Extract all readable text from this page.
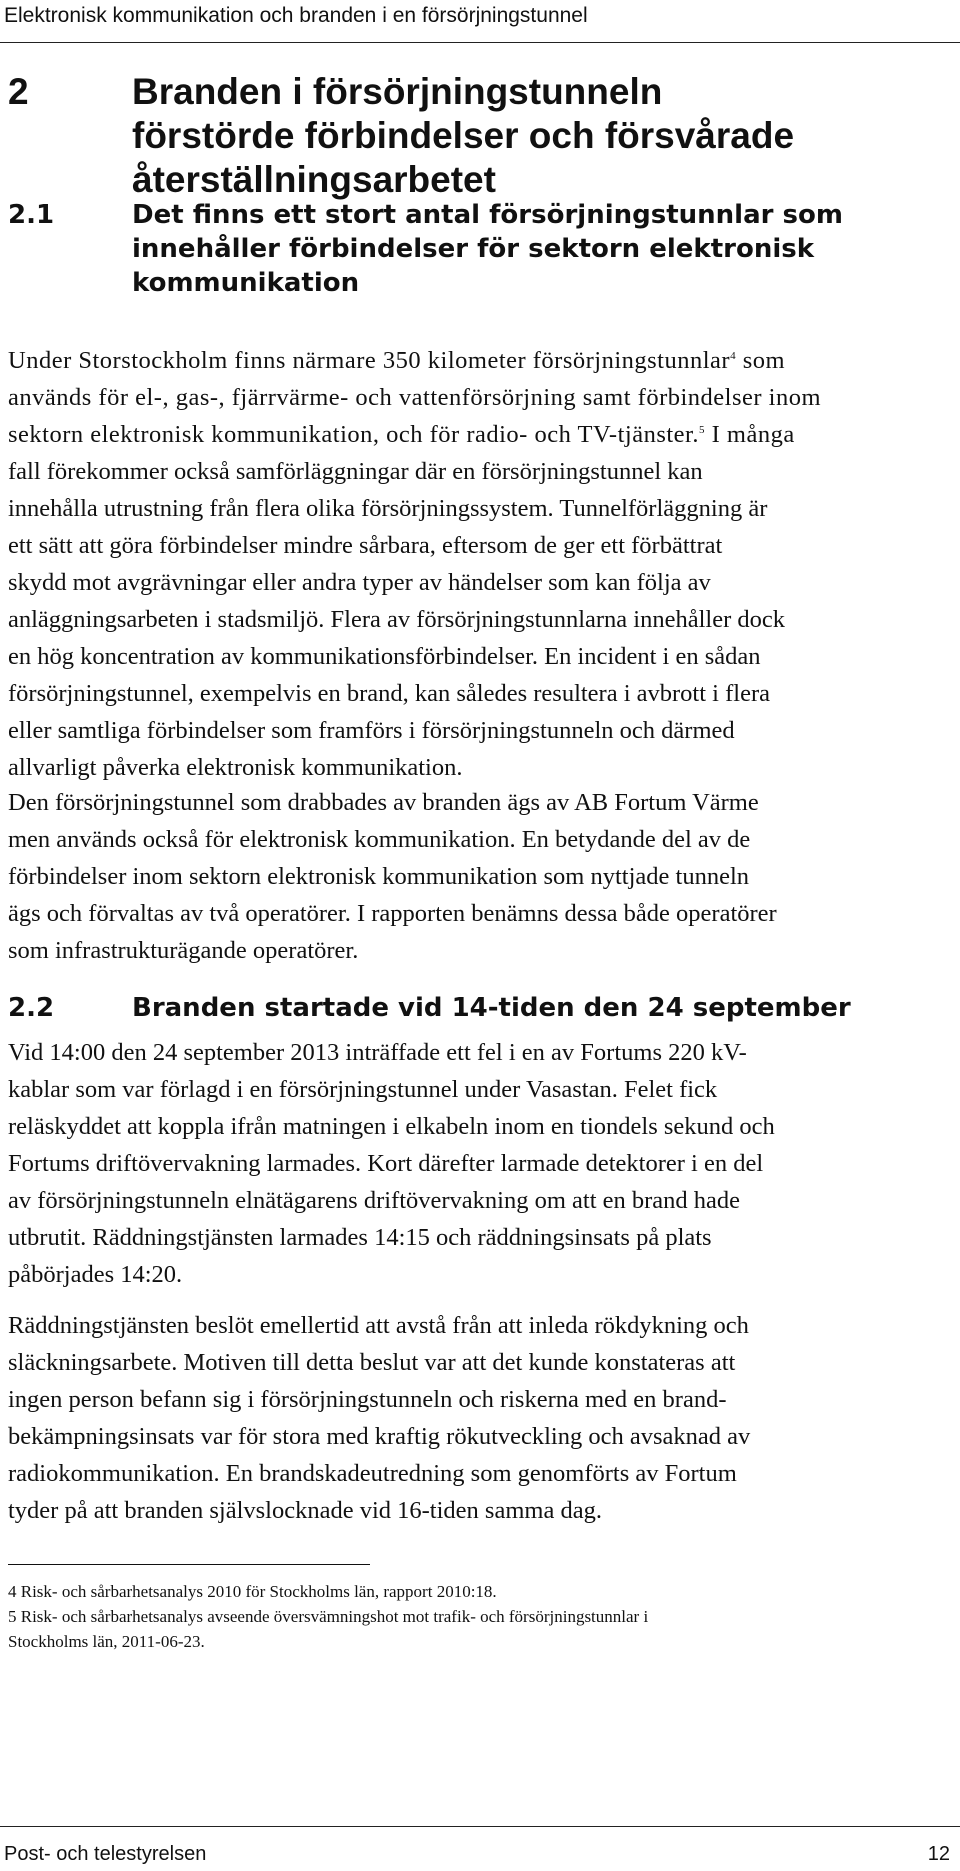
Elektronisk kommunikation och branden i en försörjningstunnel
2	Branden i försörjningstunneln
förstörde förbindelser och försvårade
återställningsarbetet
2.1	Det finns ett stort antal försörjningstunnlar som
innehåller förbindelser för sektorn elektronisk
kommunikation
Under Storstockholm finns närmare 350 kilometer försörjningstunnlar$^4$ som
används för el-, gas-, fjärrvärme- och vattenförsörjning samt förbindelser inom
sektorn elektronisk kommunikation, och för radio- och TV-tjänster.$^5$ I många
fall förekommer också samförläggningar där en försörjningstunnel kan
innehålla utrustning från flera olika försörjningssystem. Tunnelförläggning är
ett sätt att göra förbindelser mindre sårbara, eftersom de ger ett förbättrat
skydd mot avgrävningar eller andra typer av händelser som kan följa av
anläggningsarbeten i stadsmiljö. Flera av försörjningstunnlarna innehåller dock
en hög koncentration av kommunikationsförbindelser. En incident i en sådan
försörjningstunnel, exempelvis en brand, kan således resultera i avbrott i flera
eller samtliga förbindelser som framförs i försörjningstunneln och därmed
allvarligt påverka elektronisk kommunikation.
Den försörjningstunnel som drabbades av branden ägs av AB Fortum Värme
men används också för elektronisk kommunikation. En betydande del av de
förbindelser inom sektorn elektronisk kommunikation som nyttjade tunneln
ägs och förvaltas av två operatörer. I rapporten benämns dessa både operatörer
som infrastrukturägande operatörer.
2.2	Branden startade vid 14-tiden den 24 september
Vid 14:00 den 24 september 2013 inträffade ett fel i en av Fortums 220 kV-
kablar som var förlagd i en försörjningstunnel under Vasastan. Felet fick
reläskyddet att koppla ifrån matningen i elkabeln inom en tiondels sekund och
Fortums driftövervakning larmades. Kort därefter larmade detektorer i en del
av försörjningstunneln elnätägarens driftövervakning om att en brand hade
utbrutit. Räddningstjänsten larmades 14:15 och räddningsinsats på plats
påbörjades 14:20.
Räddningstjänsten beslöt emellertid att avstå från att inleda rökdykning och
släckningsarbete. Motiven till detta beslut var att det kunde konstateras att
ingen person befann sig i försörjningstunneln och riskerna med en brand-
bekämpningsinsats var för stora med kraftig rökutveckling och avsaknad av
radiokommunikation. En brandskadeutredning som genomförts av Fortum
tyder på att branden självslocknade vid 16-tiden samma dag.
4 Risk- och sårbarhetsanalys 2010 för Stockholms län, rapport 2010:18.
5 Risk- och sårbarhetsanalys avseende översvämningshot mot trafik- och försörjningstunnlar i
Stockholms län, 2011-06-23.
Post- och telestyrelsen	12
